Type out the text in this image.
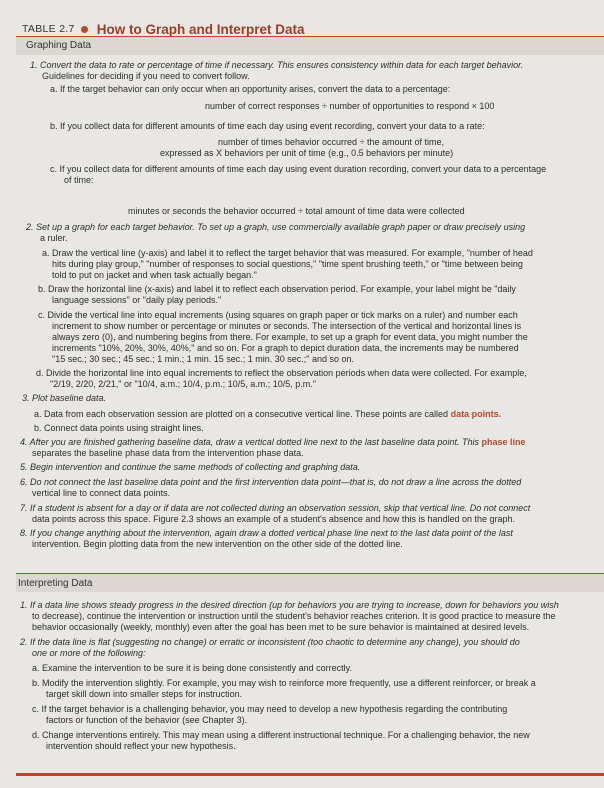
TABLE 2.7 How to Graph and Interpret Data
Graphing Data
1. Convert the data to rate or percentage of time if necessary. This ensures consistency within data for each target behavior.
Guidelines for deciding if you need to convert follow.
a. If the target behavior can only occur when an opportunity arises, convert the data to a percentage:
number of correct responses ÷ number of opportunities to respond × 100
b. If you collect data for different amounts of time each day using event recording, convert your data to a rate:
number of times behavior occurred ÷ the amount of time,
expressed as X behaviors per unit of time (e.g., 0.5 behaviors per minute)
c. If you collect data for different amounts of time each day using event duration recording, convert your data to a percentage
of time:
minutes or seconds the behavior occurred ÷ total amount of time data were collected
2. Set up a graph for each target behavior. To set up a graph, use commercially available graph paper or draw precisely using
a ruler.
a. Draw the vertical line (y-axis) and label it to reflect the target behavior that was measured. For example, "number of head
hits during play group," "number of responses to social questions," "time spent brushing teeth," or "time between being
told to put on jacket and when task actually began."
b. Draw the horizontal line (x-axis) and label it to reflect each observation period. For example, your label might be "daily
language sessions" or "daily play periods."
c. Divide the vertical line into equal increments (using squares on graph paper or tick marks on a ruler) and number each
increment to show number or percentage or minutes or seconds. The intersection of the vertical and horizontal lines is
always zero (0), and numbering begins from there. For example, to set up a graph for event data, you might number the
increments "10%, 20%, 30%, 40%," and so on. For a graph to depict duration data, the increments may be numbered
"15 sec.; 30 sec.; 45 sec.; 1 min.; 1 min. 15 sec.; 1 min. 30 sec.;" and so on.
d. Divide the horizontal line into equal increments to reflect the observation periods when data were collected. For example,
"2/19, 2/20, 2/21," or "10/4, a.m.; 10/4, p.m.; 10/5, a.m.; 10/5, p.m."
3. Plot baseline data.
a. Data from each observation session are plotted on a consecutive vertical line. These points are called data points.
b. Connect data points using straight lines.
4. After you are finished gathering baseline data, draw a vertical dotted line next to the last baseline data point. This phase line
separates the baseline phase data from the intervention phase data.
5. Begin intervention and continue the same methods of collecting and graphing data.
6. Do not connect the last baseline data point and the first intervention data point—that is, do not draw a line across the dotted
vertical line to connect data points.
7. If a student is absent for a day or if data are not collected during an observation session, skip that vertical line. Do not connect
data points across this space. Figure 2.3 shows an example of a student's absence and how this is handled on the graph.
8. If you change anything about the intervention, again draw a dotted vertical phase line next to the last data point of the last
intervention. Begin plotting data from the new intervention on the other side of the dotted line.
Interpreting Data
1. If a data line shows steady progress in the desired direction (up for behaviors you are trying to increase, down for behaviors you wish
to decrease), continue the intervention or instruction until the student's behavior reaches criterion. It is good practice to measure the
behavior occasionally (weekly, monthly) even after the goal has been met to be sure behavior is maintained at desired levels.
2. If the data line is flat (suggesting no change) or erratic or inconsistent (too chaotic to determine any change), you should do
one or more of the following:
a. Examine the intervention to be sure it is being done consistently and correctly.
b. Modify the intervention slightly. For example, you may wish to reinforce more frequently, use a different reinforcer, or break a
target skill down into smaller steps for instruction.
c. If the target behavior is a challenging behavior, you may need to develop a new hypothesis regarding the contributing
factors or function of the behavior (see Chapter 3).
d. Change interventions entirely. This may mean using a different instructional technique. For a challenging behavior, the new
intervention should reflect your new hypothesis.
